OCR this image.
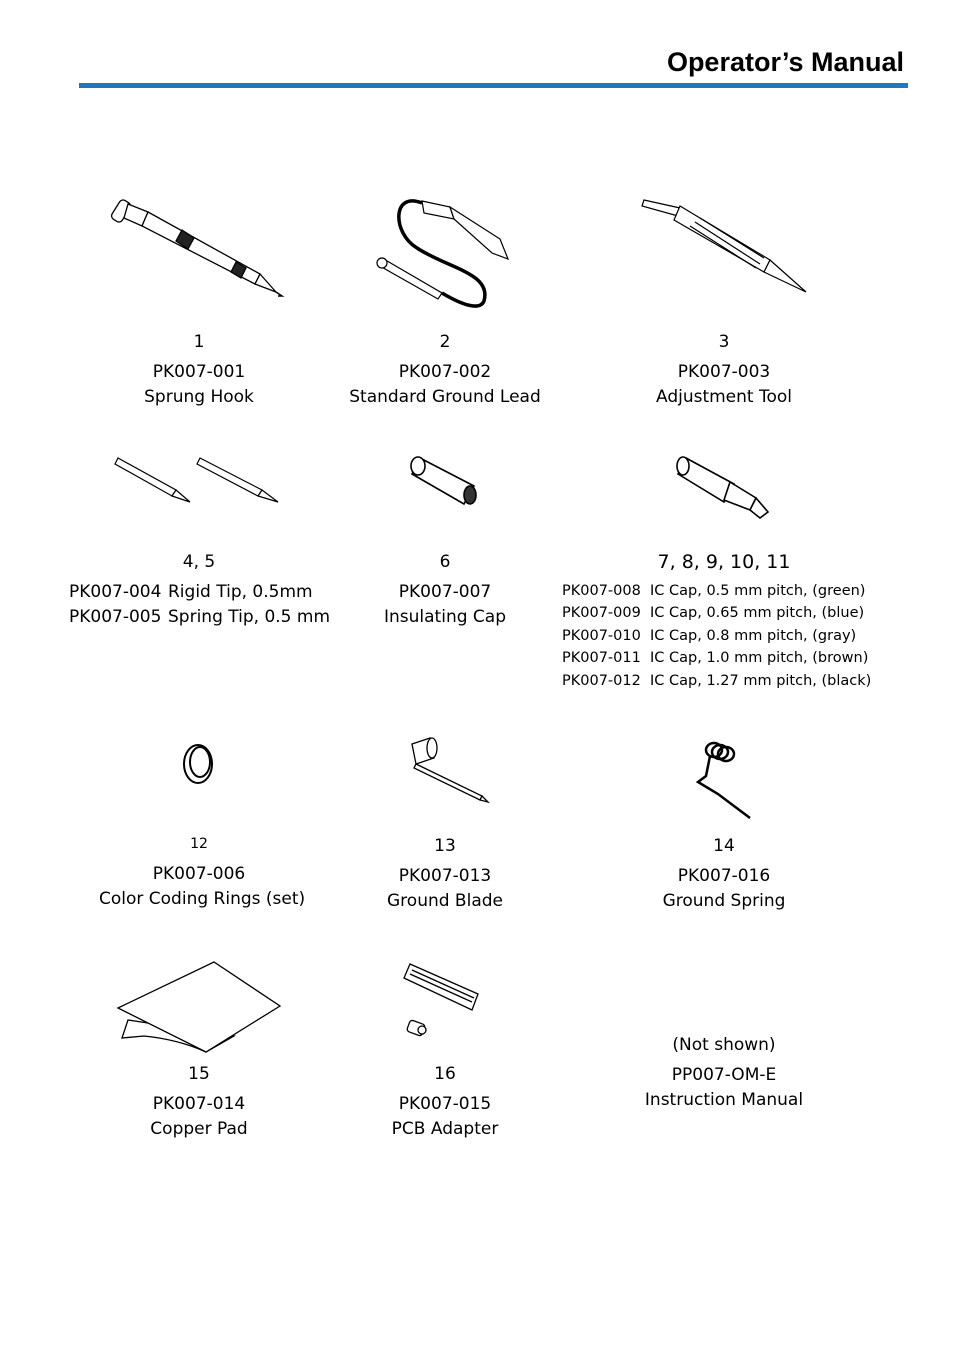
Operator’s Manual
1
PK007-001
Sprung Hook
2
PK007-002
Standard Ground Lead
3
PK007-003
Adjustment Tool
4, 5
PK007-004 Rigid Tip, 0.5mm
PK007-005 Spring Tip, 0.5 mm
6
PK007-007
Insulating Cap
7, 8, 9, 10, 11
PK007-008 IC Cap, 0.5 mm pitch, (green)
PK007-009 IC Cap, 0.65 mm pitch, (blue)
PK007-010 IC Cap, 0.8 mm pitch, (gray)
PK007-011 IC Cap, 1.0 mm pitch, (brown)
PK007-012 IC Cap, 1.27 mm pitch, (black)
12
PK007-006
Color Coding Rings (set)
13
PK007-013
Ground Blade
14
PK007-016
Ground Spring
15
PK007-014
Copper Pad
16
PK007-015
PCB Adapter
(Not shown)
PP007-OM-E
Instruction Manual
